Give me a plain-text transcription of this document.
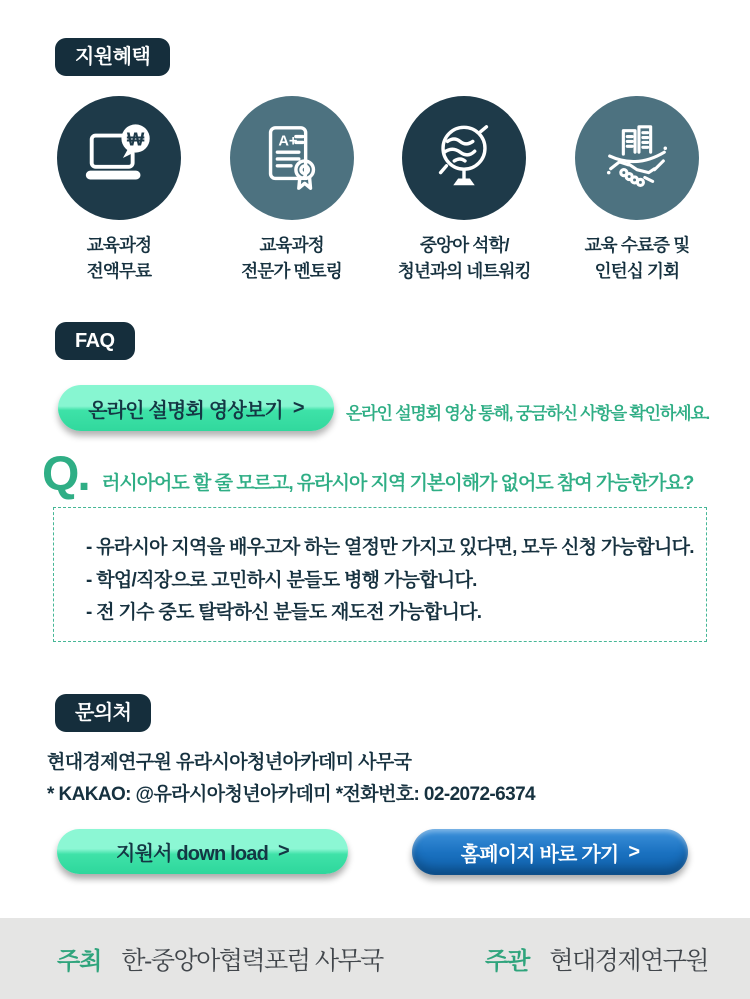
지원혜택
₩
교육과정
전액무료
A+
교육과정
전문가 멘토링
중앙아 석학/
청년과의 네트워킹
교육 수료증 및
인턴십 기회
FAQ
온라인 설명회 영상보기 > 온라인 설명회 영상 통해, 궁금하신 사항을 확인하세요.
Q. 러시아어도 할 줄 모르고, 유라시아 지역 기본이해가 없어도 참여 가능한가요?
- 유라시아 지역을 배우고자 하는 열정만 가지고 있다면, 모두 신청 가능합니다.
- 학업/직장으로 고민하시 분들도 병행 가능합니다.
- 전 기수 중도 탈락하신 분들도 재도전 가능합니다.
문의처
현대경제연구원 유라시아청년아카데미 사무국
* KAKAO: @유라시아청년아카데미 *전화번호: 02-2072-6374
지원서 down load >	홈페이지 바로 가기 >
주최 한-중앙아협력포럼 사무국	주관 현대경제연구원
